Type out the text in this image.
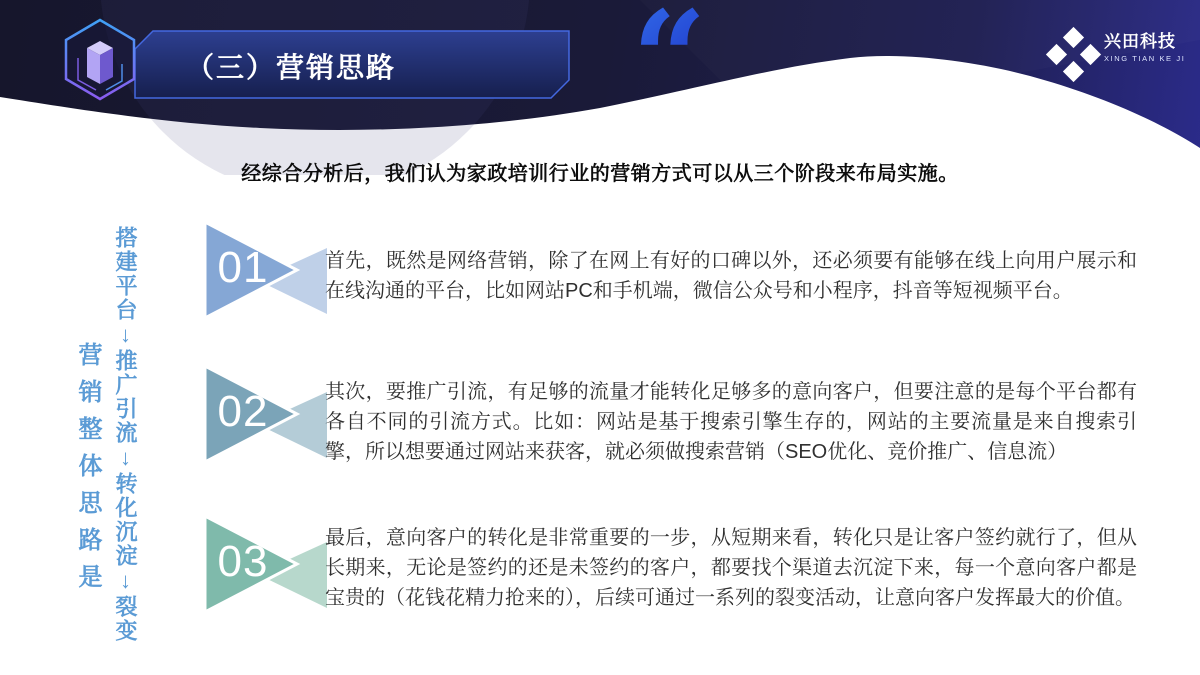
“
（三）营销思路
兴田科技
XING TIAN KE JI
经综合分析后，我们认为家政培训行业的营销方式可以从三个阶段来布局实施。
营销整体思路是 搭建平台↓推广引流↓转化沉淀↓裂变 01
02
03
首先，既然是网络营销，除了在网上有好的口碑以外，还必须要有能够在线上向用户展示和在线沟通的平台，比如网站PC和手机端，微信公众号和小程序，抖音等短视频平台。
其次，要推广引流，有足够的流量才能转化足够多的意向客户，但要注意的是每个平台都有各自不同的引流方式。比如：网站是基于搜索引擎生存的，网站的主要流量是来自搜索引擎，所以想要通过网站来获客，就必须做搜索营销（SEO优化、竞价推广、信息流）
最后，意向客户的转化是非常重要的一步，从短期来看，转化只是让客户签约就行了，但从长期来，无论是签约的还是未签约的客户，都要找个渠道去沉淀下来，每一个意向客户都是宝贵的（花钱花精力抢来的），后续可通过一系列的裂变活动，让意向客户发挥最大的价值。
